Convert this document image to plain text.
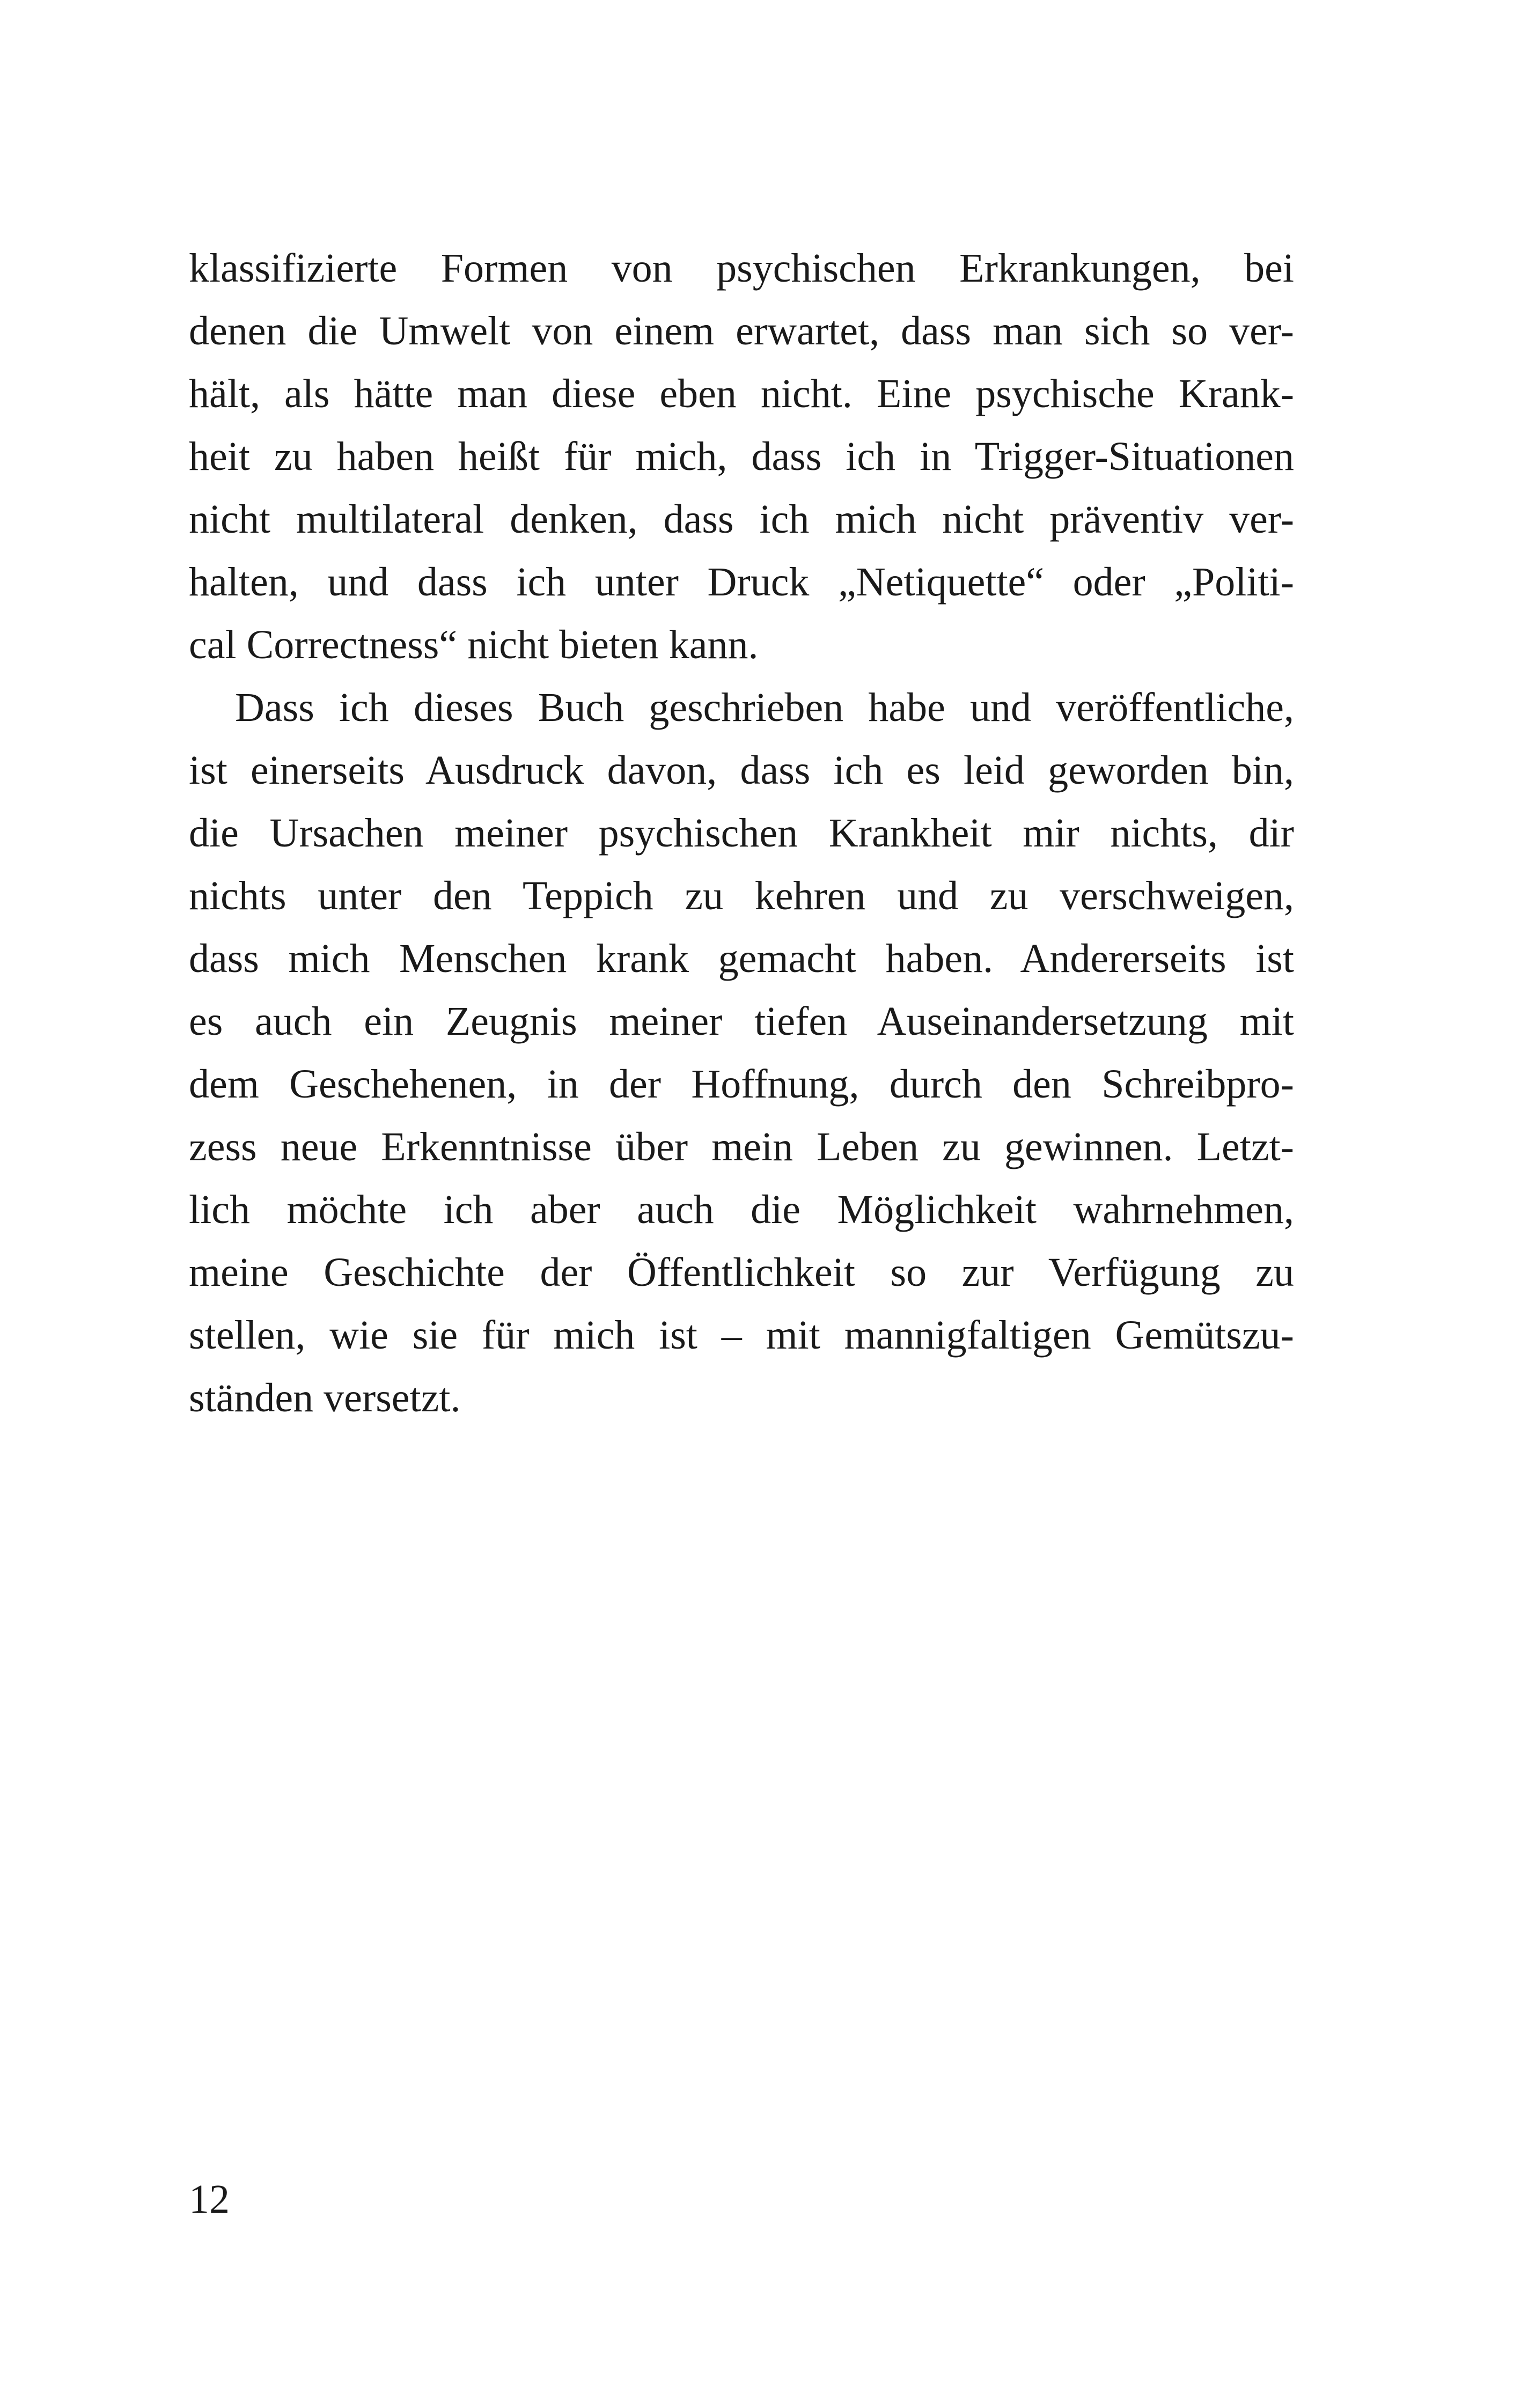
klassifizierte Formen von psychischen Erkrankungen, bei
denen die Umwelt von einem erwartet, dass man sich so ver-
hält, als hätte man diese eben nicht. Eine psychische Krank-
heit zu haben heißt für mich, dass ich in Trigger-Situationen
nicht multilateral denken, dass ich mich nicht präventiv ver-
halten, und dass ich unter Druck „Netiquette“ oder „Politi-
cal Correctness“ nicht bieten kann.
Dass ich dieses Buch geschrieben habe und veröffentliche,
ist einerseits Ausdruck davon, dass ich es leid geworden bin,
die Ursachen meiner psychischen Krankheit mir nichts, dir
nichts unter den Teppich zu kehren und zu verschweigen,
dass mich Menschen krank gemacht haben. Andererseits ist
es auch ein Zeugnis meiner tiefen Auseinandersetzung mit
dem Geschehenen, in der Hoffnung, durch den Schreibpro-
zess neue Erkenntnisse über mein Leben zu gewinnen. Letzt-
lich möchte ich aber auch die Möglichkeit wahrnehmen,
meine Geschichte der Öffentlichkeit so zur Verfügung zu
stellen, wie sie für mich ist – mit mannigfaltigen Gemütszu-
ständen versetzt.
12
